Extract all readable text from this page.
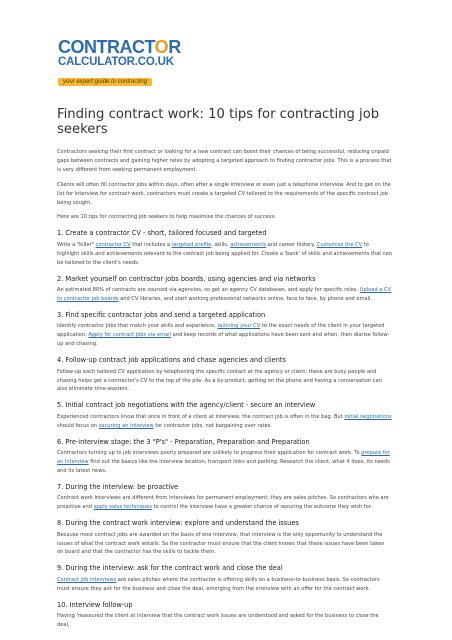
CONTRACTOR
CALCULATOR.CO.UK
your expert guide to contracting
Finding contract work: 10 tips for contracting job seekers

Contractors seeking their first contract or looking for a new contract can boost their chances of being successful, reducing unpaid gaps between contracts and gaining higher rates by adopting a targeted approach to finding contractor jobs. This is a process that is very different from seeking permanent employment.

Clients will often fill contractor jobs within days, often after a single interview or even just a telephone interview. And to get on the list for interview for contract work, contractors must create a targeted CV tailored to the requirements of the specific contract job being sought.

Here are 10 tips for contracting job seekers to help maximise the chances of success:

1. Create a contractor CV - short, tailored focused and targeted

Write a "killer" contractor CV that includes a targeted profile, skills, achievements and career history. Customise the CV to highlight skills and achievements relevant to the contract job being applied for. Create a 'bank' of skills and achievements that can be tailored to the client's needs.

2. Market yourself on contractor jobs boards, using agencies and via networks

An estimated 80% of contracts are sourced via agencies, so get an agency CV databases, and apply for specific roles. Upload a CV to contractor job boards and CV libraries, and start working professional networks online, face to face, by phone and email.

3. Find specific contractor jobs and send a targeted application

Identify contractor jobs that match your skills and experience, tailoring your CV to the exact needs of the client in your targeted application. Apply for contract jobs via email and keep records of what applications have been sent and when, then diarise follow-up and chasing.

4. Follow-up contract job applications and chase agencies and clients

Follow-up each tailored CV application by telephoning the specific contact at the agency or client; these are busy people and chasing helps get a contractor's CV to the top of the pile. As a by-product, getting on the phone and having a conversation can also eliminate time-wasters.

5. Initial contract job negotiations with the agency/client - secure an interview

Experienced contractors know that once in front of a client at interview, the contract job is often in the bag. But initial negotiations should focus on securing an interview for contractor jobs, not bargaining over rates.

6. Pre-interview stage: the 3 "P's" - Preparation, Preparation and Preparation

Contractors turning up to job interviews poorly prepared are unlikely to progress their application for contract work. To prepare for an interview find out the basics like the interview location, transport links and parking. Research the client, what it does, its needs and its latest news.

7. During the interview: be proactive

Contract work interviews are different from interviews for permanent employment; they are sales pitches. So contractors who are proactive and apply sales techniques to control the interview have a greater chance of securing the outcome they wish for.

8. During the contract work interview: explore and understand the issues

Because most contract jobs are awarded on the basis of one interview, that interview is the only opportunity to understand the issues of what the contract work entails. So the contractor must ensure that the client knows that these issues have been taken on board and that the contractor has the skills to tackle them.

9. During the interview: ask for the contract work and close the deal

Contract job interviews are sales pitches where the contractor is offering skills on a business-to-business basis. So contractors must ensure they ask for the business and close the deal, emerging from the interview with an offer for the contract work.

10. Interview follow-up

Having 'reassured the client at interview that the contract work issues are understood and asked for the business to close the deal,
